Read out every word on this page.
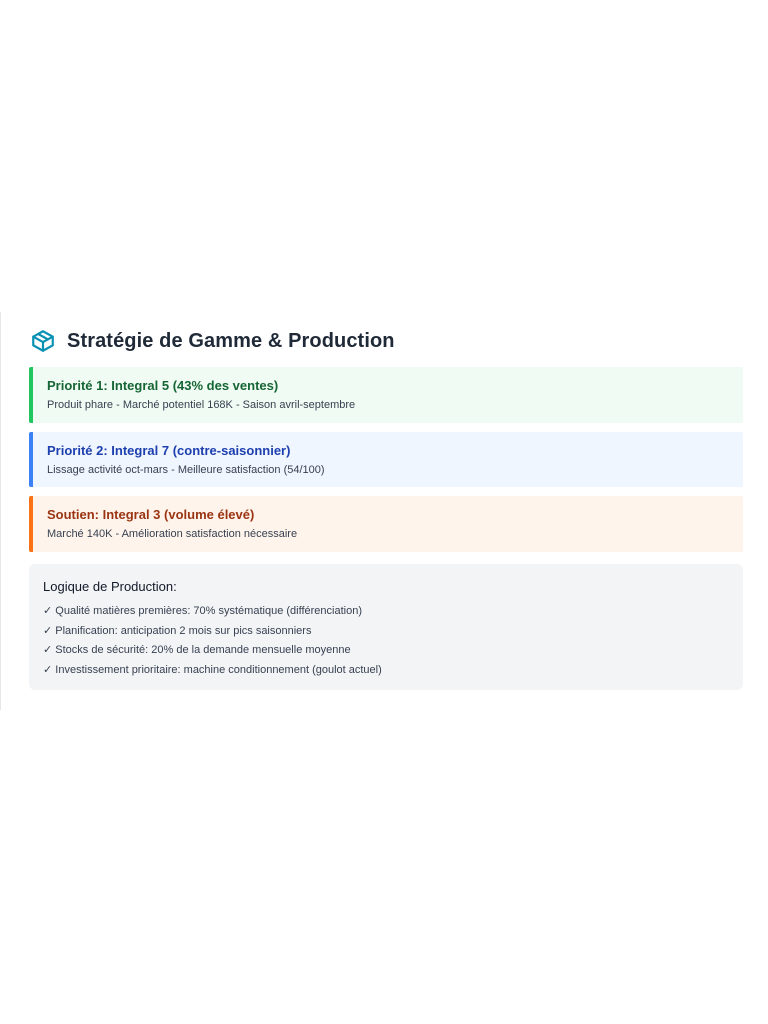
Stratégie de Gamme & Production
Priorité 1: Integral 5 (43% des ventes)
Produit phare - Marché potentiel 168K - Saison avril-septembre
Priorité 2: Integral 7 (contre-saisonnier)
Lissage activité oct-mars - Meilleure satisfaction (54/100)
Soutien: Integral 3 (volume élevé)
Marché 140K - Amélioration satisfaction nécessaire
Logique de Production:
✓ Qualité matières premières: 70% systématique (différenciation)
✓ Planification: anticipation 2 mois sur pics saisonniers
✓ Stocks de sécurité: 20% de la demande mensuelle moyenne
✓ Investissement prioritaire: machine conditionnement (goulot actuel)
